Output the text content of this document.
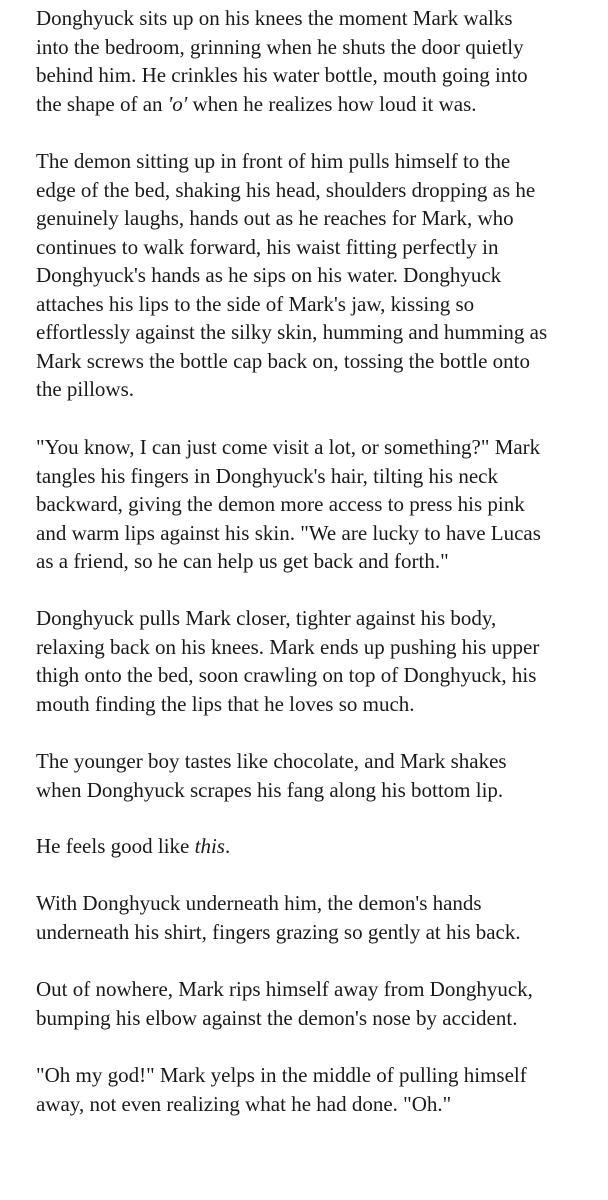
Donghyuck sits up on his knees the moment Mark walks
into the bedroom, grinning when he shuts the door quietly
behind him. He crinkles his water bottle, mouth going into
the shape of an 'o' when he realizes how loud it was.

The demon sitting up in front of him pulls himself to the
edge of the bed, shaking his head, shoulders dropping as he
genuinely laughs, hands out as he reaches for Mark, who
continues to walk forward, his waist fitting perfectly in
Donghyuck's hands as he sips on his water. Donghyuck
attaches his lips to the side of Mark's jaw, kissing so
effortlessly against the silky skin, humming and humming as
Mark screws the bottle cap back on, tossing the bottle onto
the pillows.

"You know, I can just come visit a lot, or something?" Mark
tangles his fingers in Donghyuck's hair, tilting his neck
backward, giving the demon more access to press his pink
and warm lips against his skin. "We are lucky to have Lucas
as a friend, so he can help us get back and forth."

Donghyuck pulls Mark closer, tighter against his body,
relaxing back on his knees. Mark ends up pushing his upper
thigh onto the bed, soon crawling on top of Donghyuck, his
mouth finding the lips that he loves so much.

The younger boy tastes like chocolate, and Mark shakes
when Donghyuck scrapes his fang along his bottom lip.

He feels good like this.

With Donghyuck underneath him, the demon's hands
underneath his shirt, fingers grazing so gently at his back.

Out of nowhere, Mark rips himself away from Donghyuck,
bumping his elbow against the demon's nose by accident.

"Oh my god!" Mark yelps in the middle of pulling himself
away, not even realizing what he had done. "Oh."
